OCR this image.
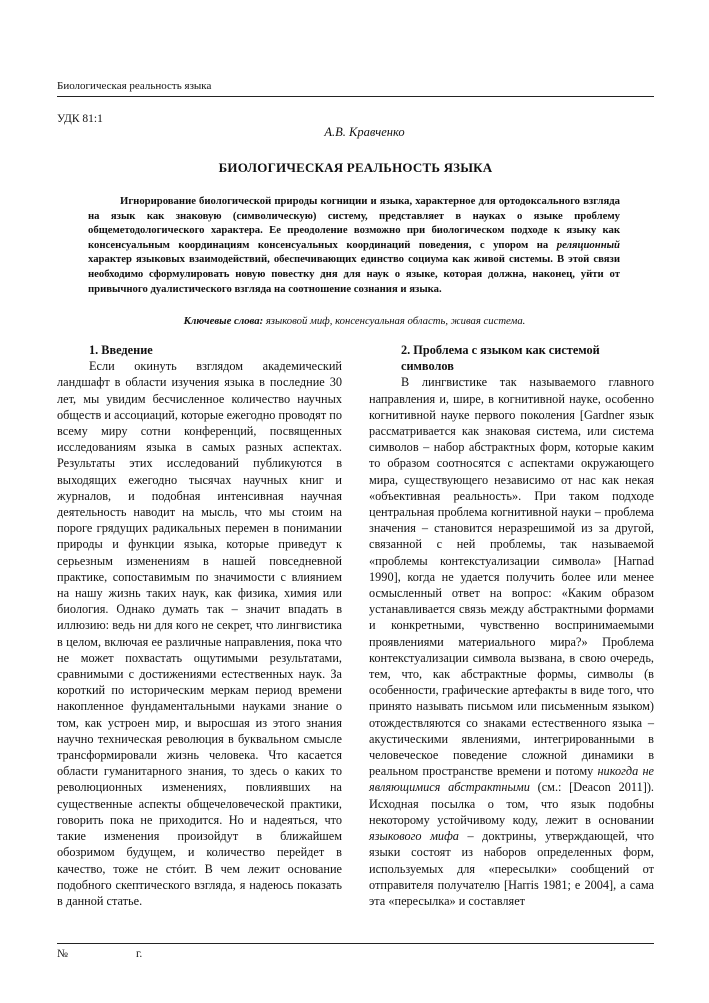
Биологическая реальность языка
УДК 81:1
А.В. Кравченко
БИОЛОГИЧЕСКАЯ РЕАЛЬНОСТЬ ЯЗЫКА
Игнорирование биологической природы когниции и языка, характерное для ортодоксального взгляда на язык как знаковую (символическую) систему, представляет в науках о языке проблему общеметодологического характера. Ее преодоление возможно при биологическом подходе к языку как консенсуальным координациям консенсуальных координаций поведения, с упором на реляционный характер языковых взаимодействий, обеспечивающих единство социума как живой системы. В этой связи необходимо сформулировать новую повестку дня для наук о языке, которая должна, наконец, уйти от привычного дуалистического взгляда на соотношение сознания и языка.
Ключевые слова: языковой миф, консенсуальная область, живая система.
1. Введение

Если окинуть взглядом академический ландшафт в области изучения языка в последние 30 лет, мы увидим бесчисленное количество научных обществ и ассоциаций, которые ежегодно проводят по всему миру сотни конференций, посвященных исследованиям языка в самых разных аспектах. Результаты этих исследований публикуются в выходящих ежегодно тысячах научных книг и журналов, и подобная интенсивная научная деятельность наводит на мысль, что мы стоим на пороге грядущих радикальных перемен в понимании природы и функции языка, которые приведут к серьезным изменениям в нашей повседневной практике, сопоставимым по значимости с влиянием на нашу жизнь таких наук, как физика, химия или биология. Однако думать так – значит впадать в иллюзию: ведь ни для кого не секрет, что лингвистика в целом, включая ее различные направления, пока что не может похвастать ощутимыми результатами, сравнимыми с достижениями естественных наук. За короткий по историческим меркам период времени накопленное фундаментальными науками знание о том, как устроен мир, и выросшая из этого знания научно техническая революция в буквальном смысле трансформировали жизнь человека. Что касается области гуманитарного знания, то здесь о каких то революционных изменениях, повлиявших на существенные аспекты общечеловеческой практики, говорить пока не приходится. Но и надеяться, что такие изменения произойдут в ближайшем обозримом будущем, и количество перейдет в качество, тоже не стóит. В чем лежит основание подобного скептического взгляда, я надеюсь показать в данной статье.

2. Проблема с языком как системой символов

В лингвистике так называемого главного направления и, шире, в когнитивной науке, особенно когнитивной науке первого поколения [Gardner язык рассматривается как знаковая система, или система символов – набор абстрактных форм, которые каким то образом соотносятся с аспектами окружающего мира, существующего независимо от нас как некая «объективная реальность». При таком подходе центральная проблема когнитивной науки – проблема значения – становится неразрешимой из за другой, связанной с ней проблемы, так называемой «проблемы контекстуализации символа» [Harnad 1990], когда не удается получить более или менее осмысленный ответ на вопрос: «Каким образом устанавливается связь между абстрактными формами и конкретными, чувственно воспринимаемыми проявлениями материального мира?» Проблема контекстуализации символа вызвана, в свою очередь, тем, что, как абстрактные формы, символы (в особенности, графические артефакты в виде того, что принято называть письмом или письменным языком) отождествляются со знаками естественного языка – акустическими явлениями, интегрированными в человеческое поведение сложной динамики в реальном пространстве времени и потому никогда не являющимися абстрактными (см.: [Deacon 2011]). Исходная посылка о том, что язык подобны некоторому устойчивому коду, лежит в основании языкового мифа – доктрины, утверждающей, что языки состоят из наборов определенных форм, используемых для «пересылки» сообщений от отправителя получателю [Harris 1981; е 2004], а сама эта «пересылка» и составляет

№	г.
